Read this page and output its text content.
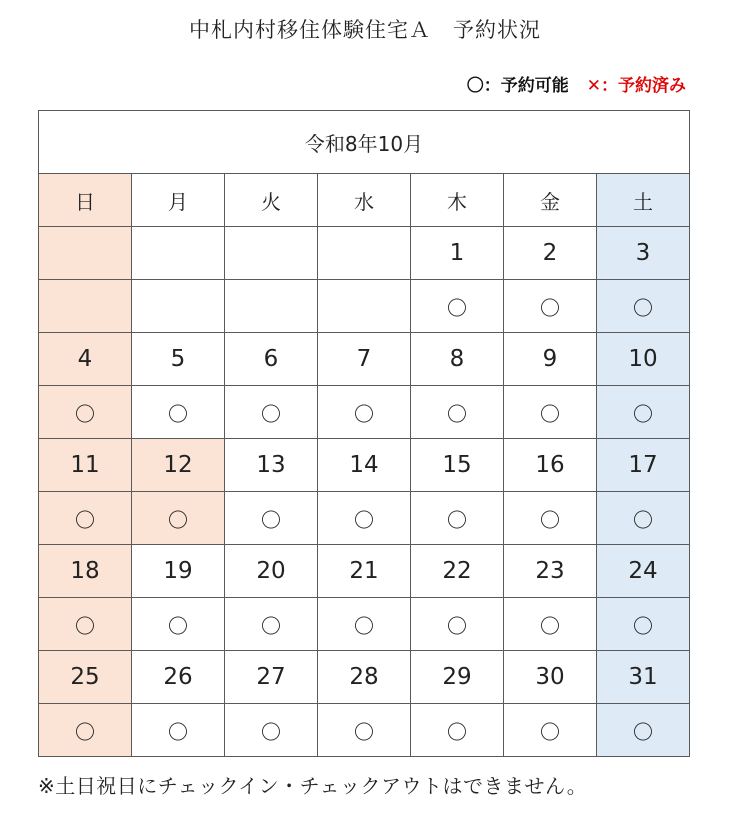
中札内村移住体験住宅Ａ　予約状況
〇：予約可能 ✕：予約済み
令和8年10月						
日	月	火	水	木	金	土
				1	2	3
				〇	〇	〇
4	5	6	7	8	9	10
〇	〇	〇	〇	〇	〇	〇
11	12	13	14	15	16	17
〇	〇	〇	〇	〇	〇	〇
18	19	20	21	22	23	24
〇	〇	〇	〇	〇	〇	〇
25	26	27	28	29	30	31
〇	〇	〇	〇	〇	〇	〇
※土日祝日にチェックイン・チェックアウトはできません。
